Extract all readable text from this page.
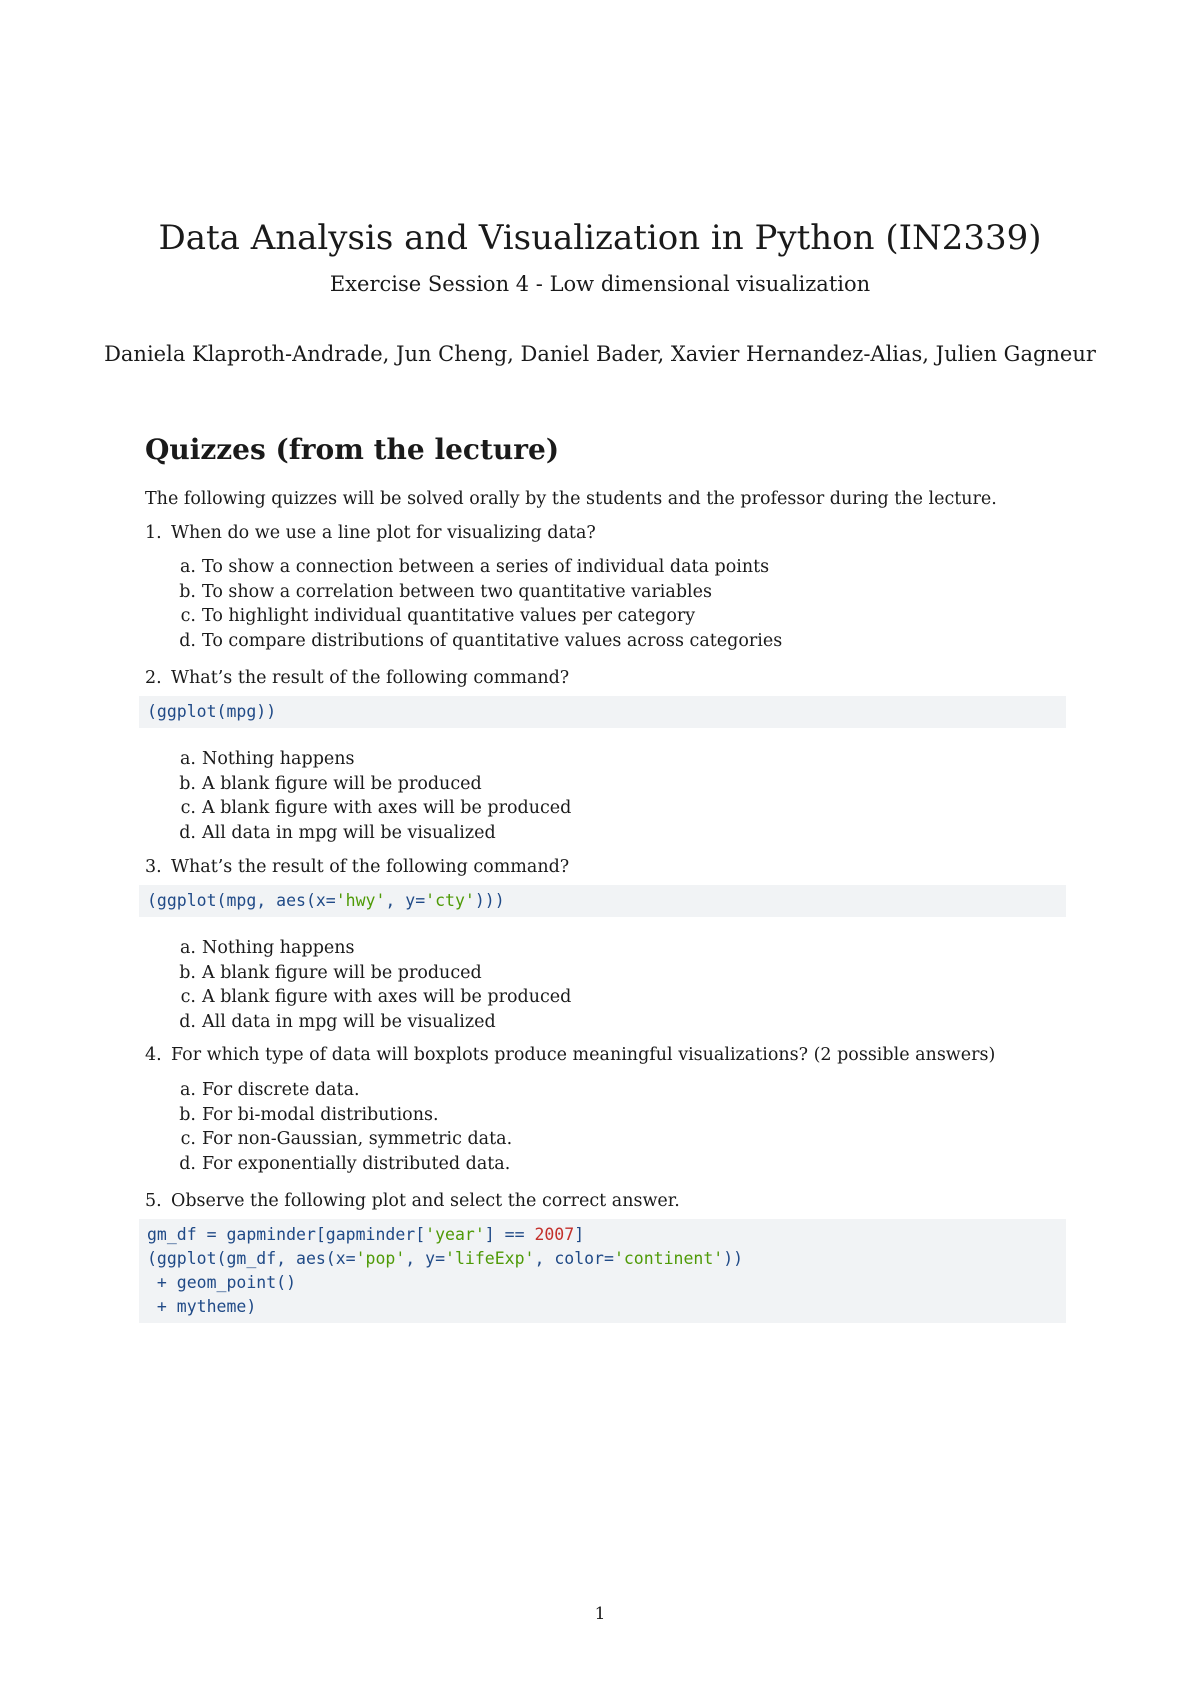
Data Analysis and Visualization in Python (IN2339)
Exercise Session 4 - Low dimensional visualization
Daniela Klaproth-Andrade, Jun Cheng, Daniel Bader, Xavier Hernandez-Alias, Julien Gagneur
Quizzes (from the lecture)
The following quizzes will be solved orally by the students and the professor during the lecture.
1. When do we use a line plot for visualizing data?
a. To show a connection between a series of individual data points
b. To show a correlation between two quantitative variables
c. To highlight individual quantitative values per category
d. To compare distributions of quantitative values across categories
2. What’s the result of the following command?
(ggplot(mpg))
a. Nothing happens
b. A blank figure will be produced
c. A blank figure with axes will be produced
d. All data in mpg will be visualized
3. What’s the result of the following command?
(ggplot(mpg, aes(x='hwy', y='cty')))
a. Nothing happens
b. A blank figure will be produced
c. A blank figure with axes will be produced
d. All data in mpg will be visualized
4. For which type of data will boxplots produce meaningful visualizations? (2 possible answers)
a. For discrete data.
b. For bi-modal distributions.
c. For non-Gaussian, symmetric data.
d. For exponentially distributed data.
5. Observe the following plot and select the correct answer.
gm_df = gapminder[gapminder['year'] == 2007]
(ggplot(gm_df, aes(x='pop', y='lifeExp', color='continent'))
+ geom_point()
+ mytheme)
1
